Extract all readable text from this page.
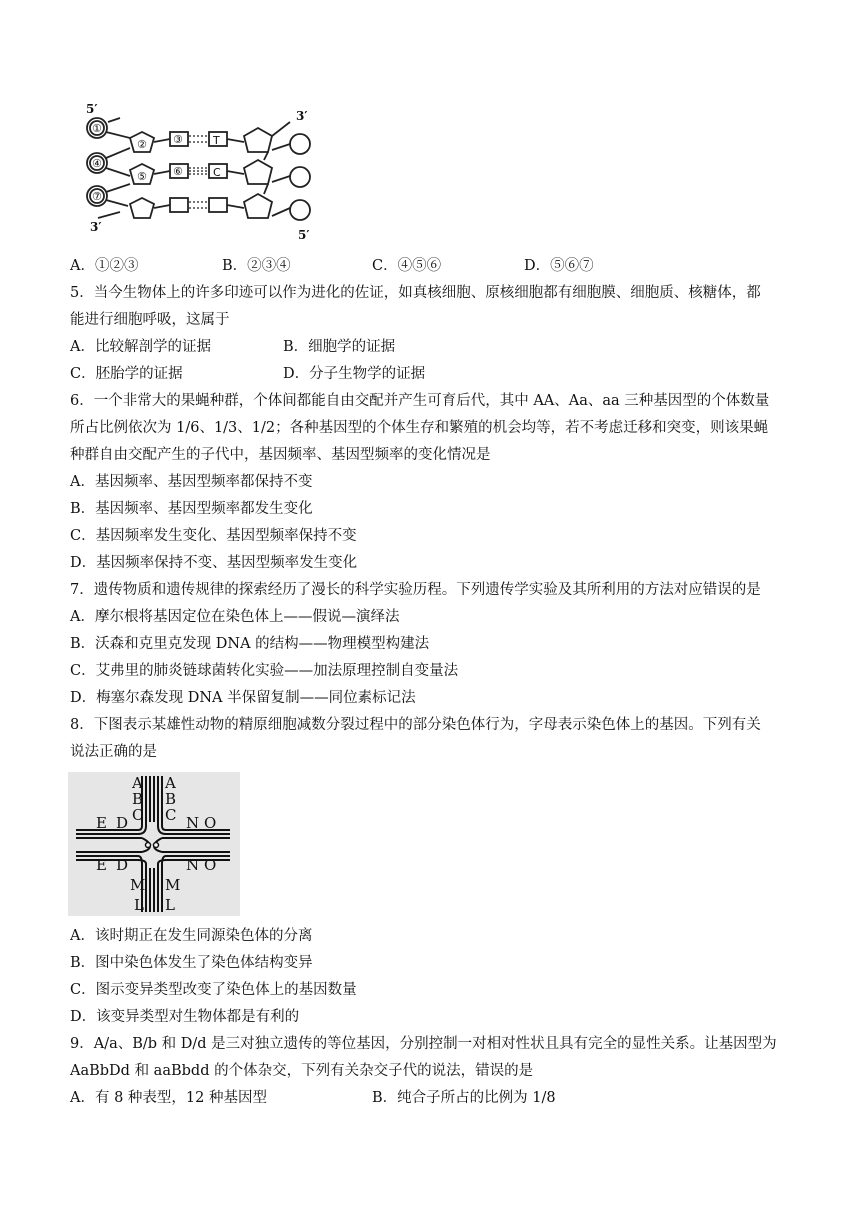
5′	3′
3′
5′
①
④
⑦
②
⑤
③
⑥
T
C
A．①②③	B．②③④	C．④⑤⑥	D．⑤⑥⑦
5．当今生物体上的许多印迹可以作为进化的佐证，如真核细胞、原核细胞都有细胞膜、细胞质、核糖体，都
能进行细胞呼吸，这属于
A．比较解剖学的证据	B．细胞学的证据
C．胚胎学的证据	D．分子生物学的证据
6．一个非常大的果蝇种群，个体间都能自由交配并产生可育后代，其中 AA、Aa、aa 三种基因型的个体数量
所占比例依次为 1/6、1/3、1/2；各种基因型的个体生存和繁殖的机会均等，若不考虑迁移和突变，则该果蝇
种群自由交配产生的子代中，基因频率、基因型频率的变化情况是
A．基因频率、基因型频率都保持不变
B．基因频率、基因型频率都发生变化
C．基因频率发生变化、基因型频率保持不变
D．基因频率保持不变、基因型频率发生变化
7．遗传物质和遗传规律的探索经历了漫长的科学实验历程。下列遗传学实验及其所利用的方法对应错误的是
A．摩尔根将基因定位在染色体上——假说—演绎法
B．沃森和克里克发现 DNA 的结构——物理模型构建法
C．艾弗里的肺炎链球菌转化实验——加法原理控制自变量法
D．梅塞尔森发现 DNA 半保留复制——同位素标记法
8．下图表示某雄性动物的精原细胞减数分裂过程中的部分染色体行为，字母表示染色体上的基因。下列有关
说法正确的是
A
B
C
A
B
C
E D
E D
N O
N O
M
L
M
L
A．该时期正在发生同源染色体的分离
B．图中染色体发生了染色体结构变异
C．图示变异类型改变了染色体上的基因数量
D．该变异类型对生物体都是有利的
9．A/a、B/b 和 D/d 是三对独立遗传的等位基因，分别控制一对相对性状且具有完全的显性关系。让基因型为
AaBbDd 和 aaBbdd 的个体杂交，下列有关杂交子代的说法，错误的是
A．有 8 种表型，12 种基因型	B．纯合子所占的比例为 1/8
